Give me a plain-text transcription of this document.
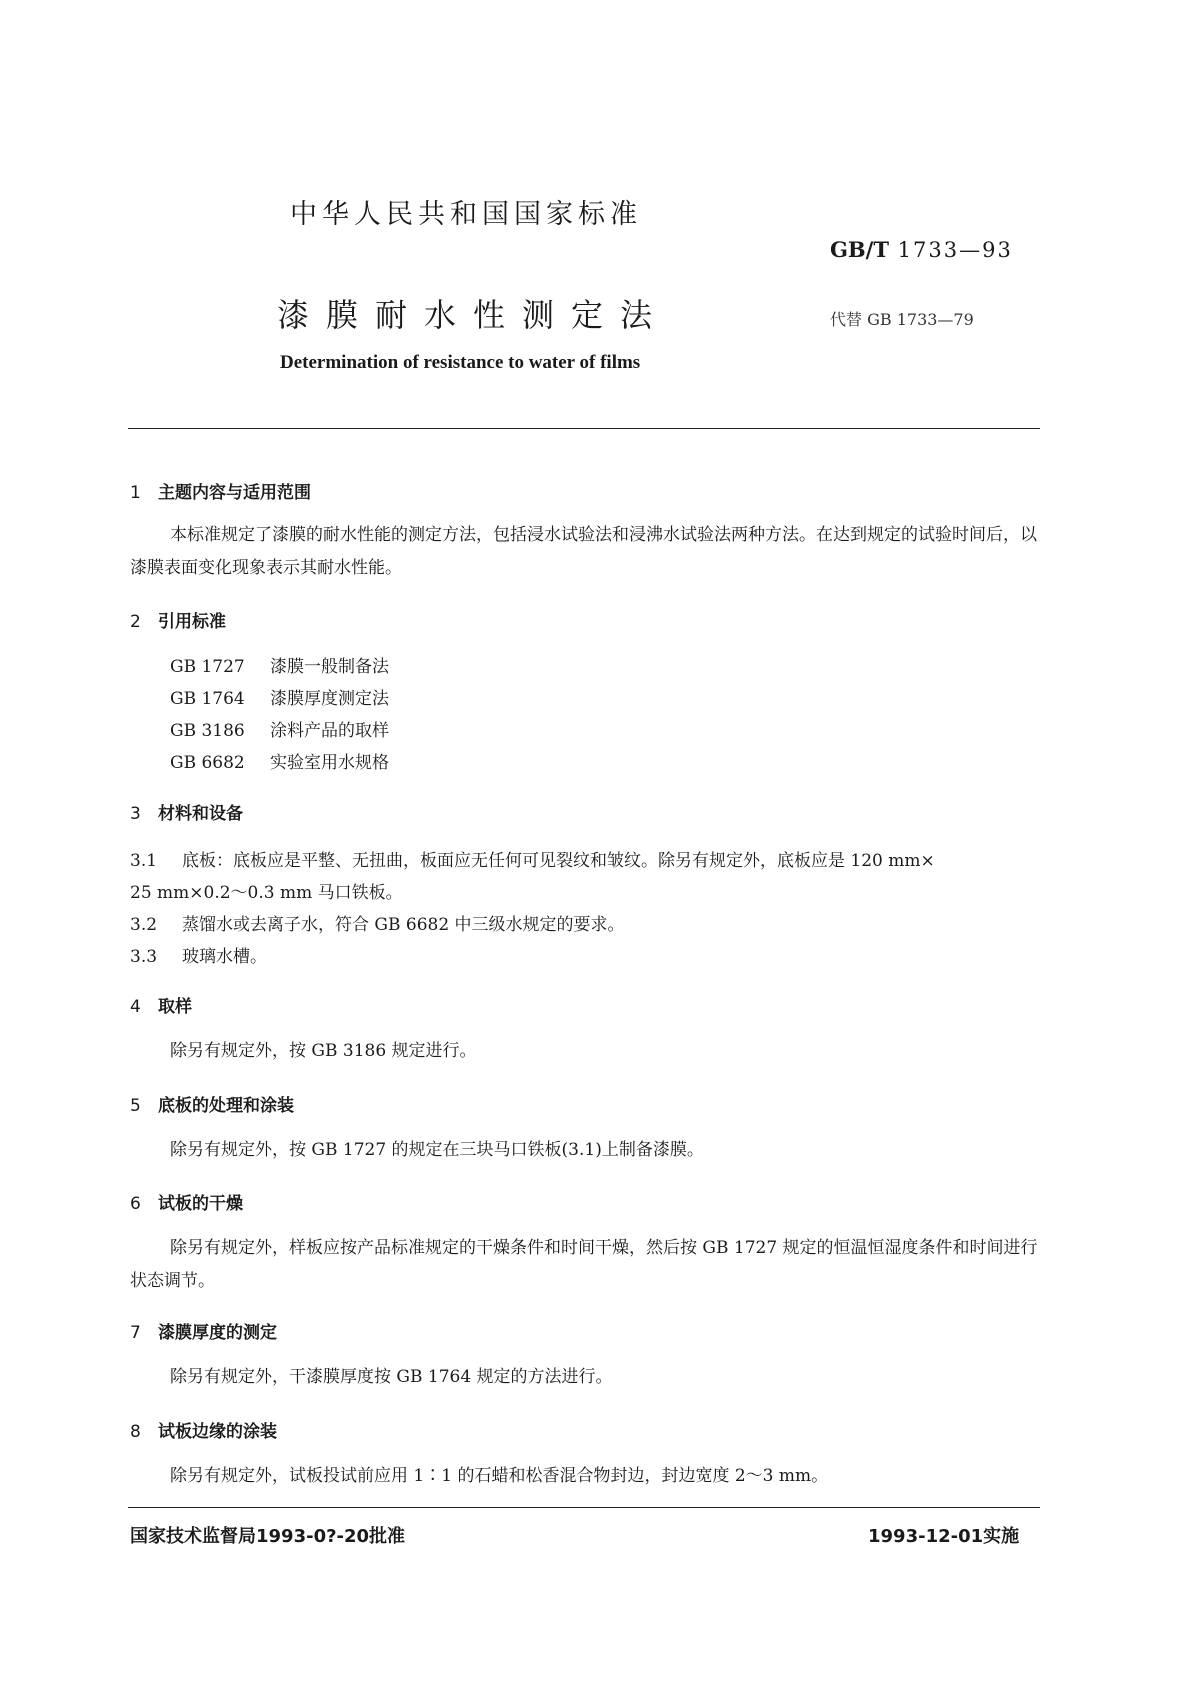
中华人民共和国国家标准
GB/T 1733—93
漆膜耐水性测定法	代替 GB 1733—79
Determination of resistance to water of films
1 主题内容与适用范围
本标准规定了漆膜的耐水性能的测定方法，包括浸水试验法和浸沸水试验法两种方法。在达到规定的试验时间后，以漆膜表面变化现象表示其耐水性能。
2 引用标准
GB 1727 漆膜一般制备法
GB 1764 漆膜厚度测定法
GB 3186 涂料产品的取样
GB 6682 实验室用水规格
3 材料和设备
3.1 底板：底板应是平整、无扭曲，板面应无任何可见裂纹和皱纹。除另有规定外，底板应是 120 mm×
25 mm×0.2～0.3 mm 马口铁板。
3.2 蒸馏水或去离子水，符合 GB 6682 中三级水规定的要求。
3.3 玻璃水槽。
4 取样
除另有规定外，按 GB 3186 规定进行。
5 底板的处理和涂装
除另有规定外，按 GB 1727 的规定在三块马口铁板(3.1)上制备漆膜。
6 试板的干燥
除另有规定外，样板应按产品标准规定的干燥条件和时间干燥，然后按 GB 1727 规定的恒温恒湿度条件和时间进行状态调节。
7 漆膜厚度的测定
除另有规定外，干漆膜厚度按 GB 1764 规定的方法进行。
8 试板边缘的涂装
除另有规定外，试板投试前应用 1∶1 的石蜡和松香混合物封边，封边宽度 2～3 mm。
国家技术监督局1993-0?-20批准	1993-12-01实施
